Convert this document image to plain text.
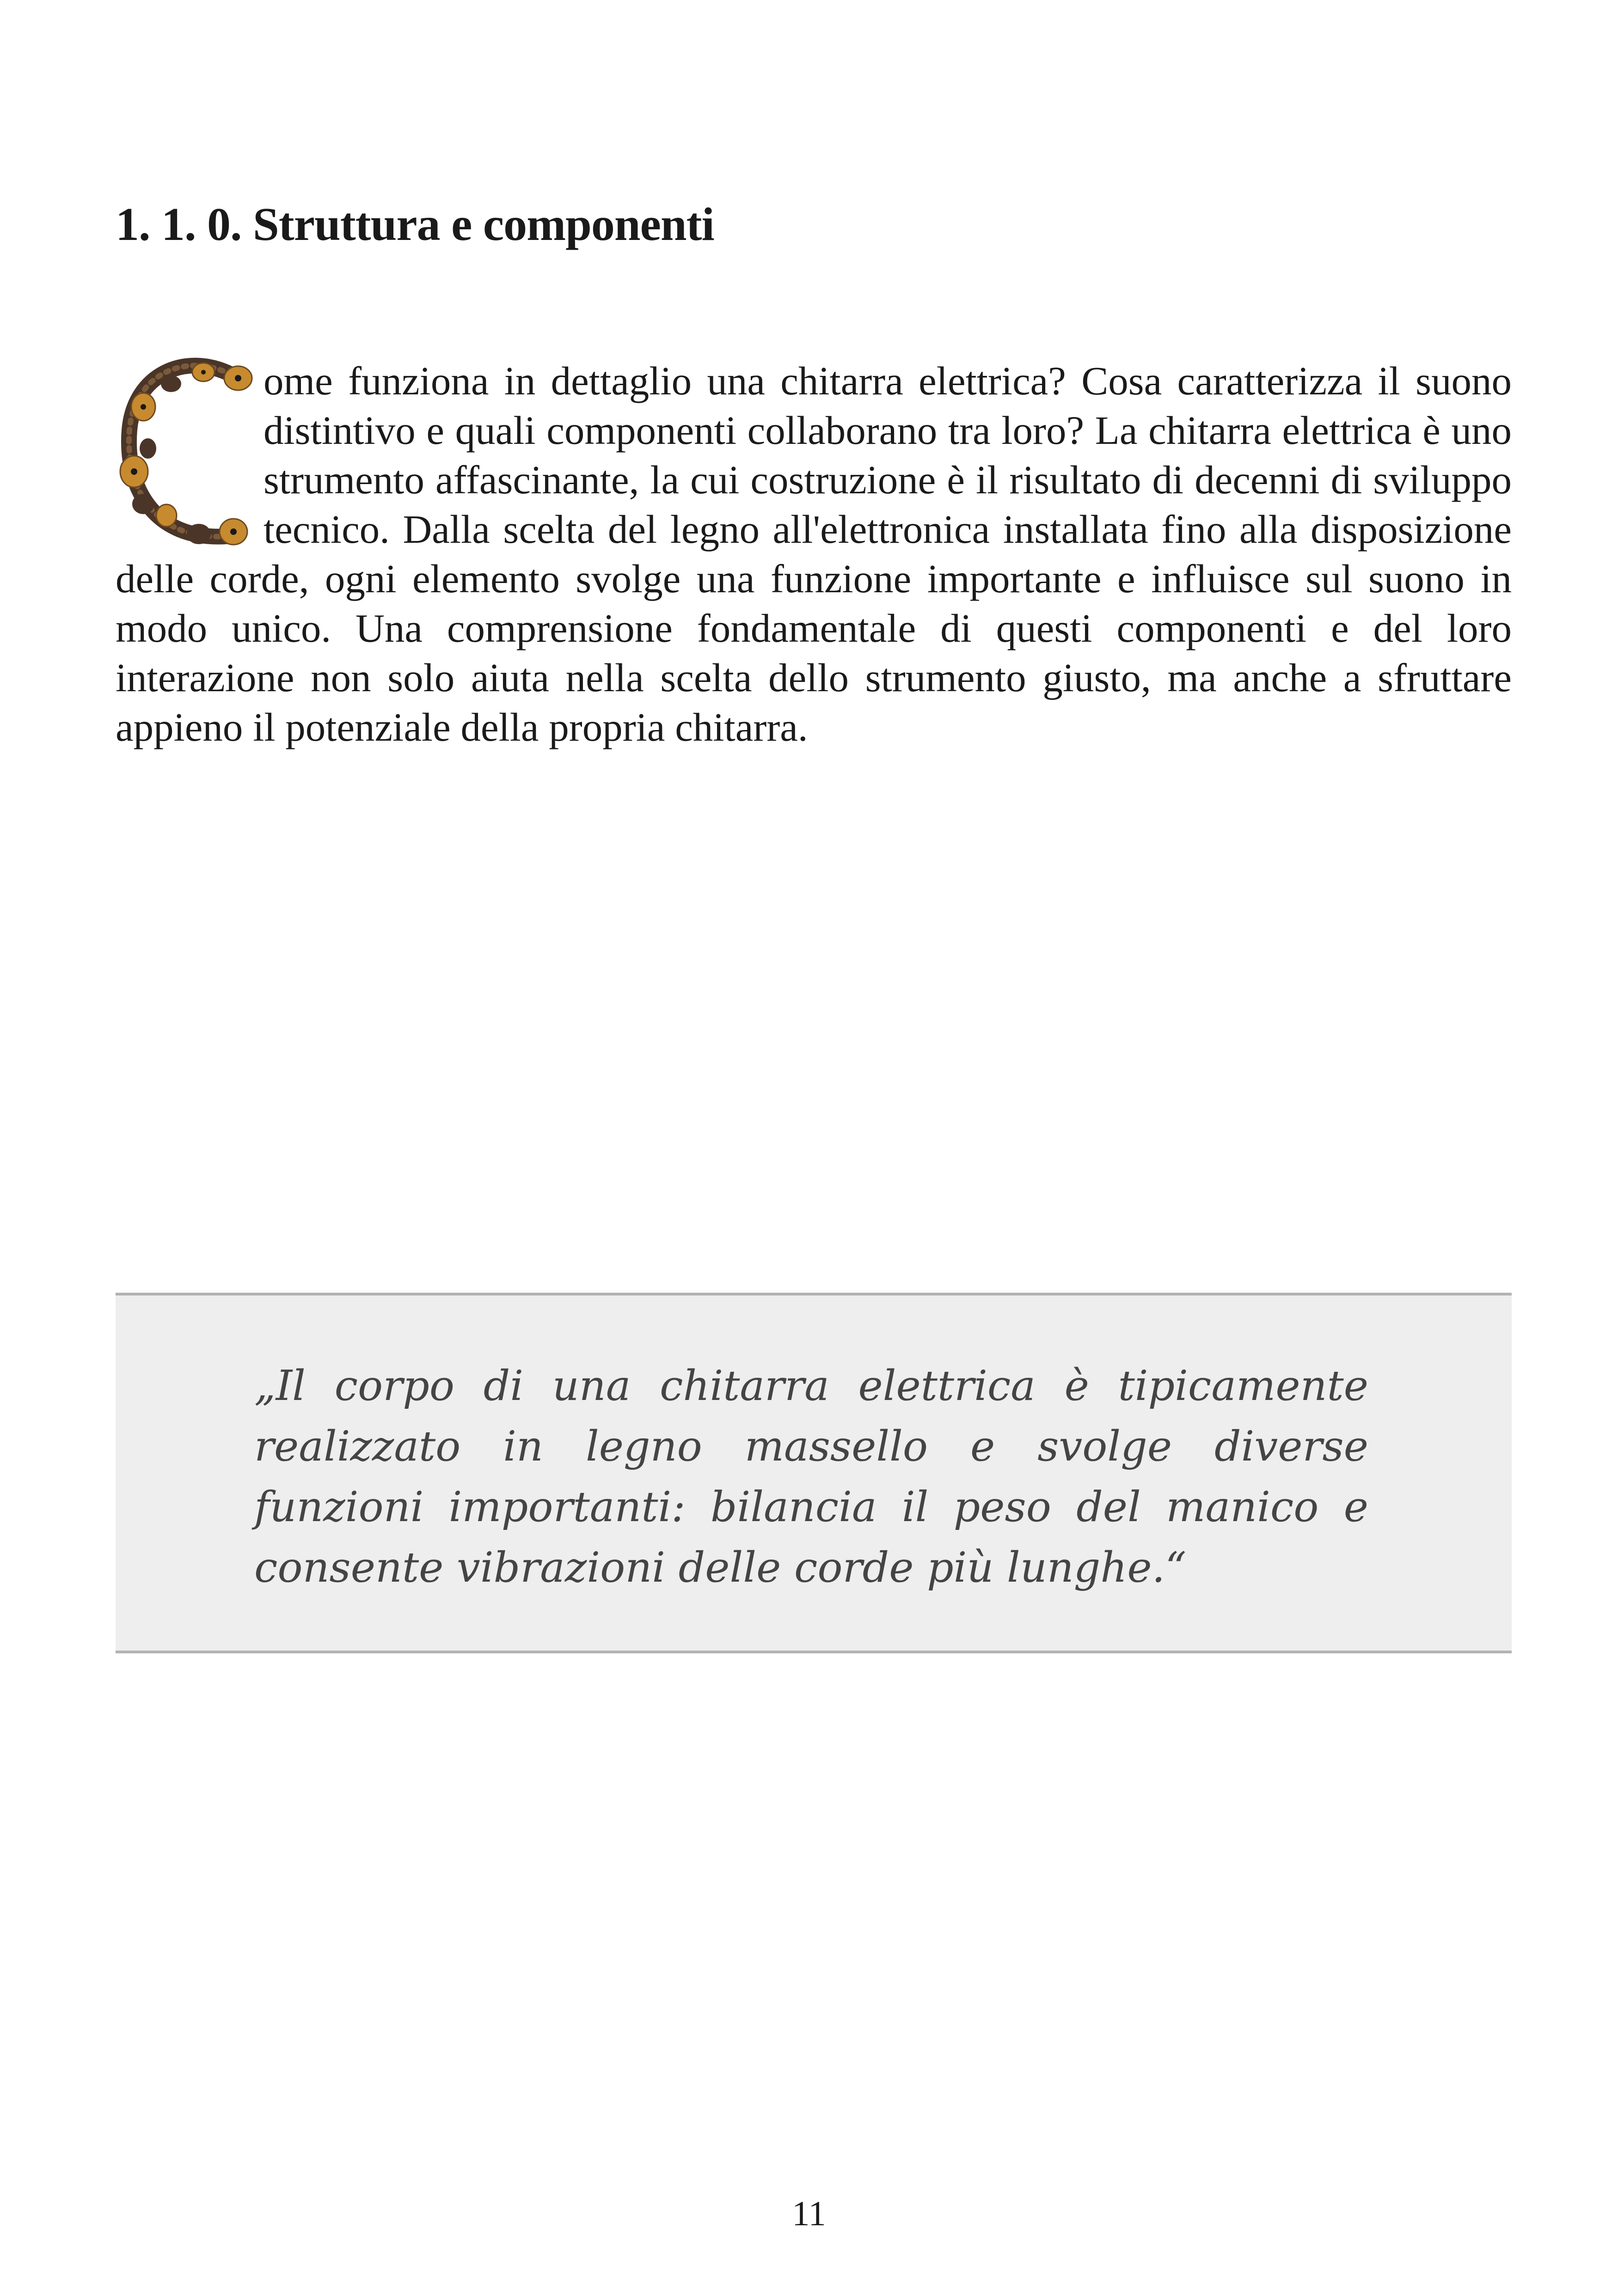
1. 1. 0. Struttura e componenti
ome funziona in dettaglio una chitarra elettrica? Cosa caratterizza il suono distintivo e quali componenti collaborano tra loro? La chitarra elettrica è uno strumento affascinante, la cui costruzione è il risultato di decenni di sviluppo tecnico. Dalla scelta del legno all'elettronica installata fino alla disposizione delle corde, ogni elemento svolge una funzione importante e influisce sul suono in modo unico. Una comprensione fondamentale di questi componenti e del loro interazione non solo aiuta nella scelta dello strumento giusto, ma anche a sfruttare appieno il potenziale della propria chitarra.
„Il corpo di una chitarra elettrica è tipicamente realizzato in legno massello e svolge diverse funzioni importanti: bilancia il peso del manico e consente vibrazioni delle corde più lunghe.“
11
